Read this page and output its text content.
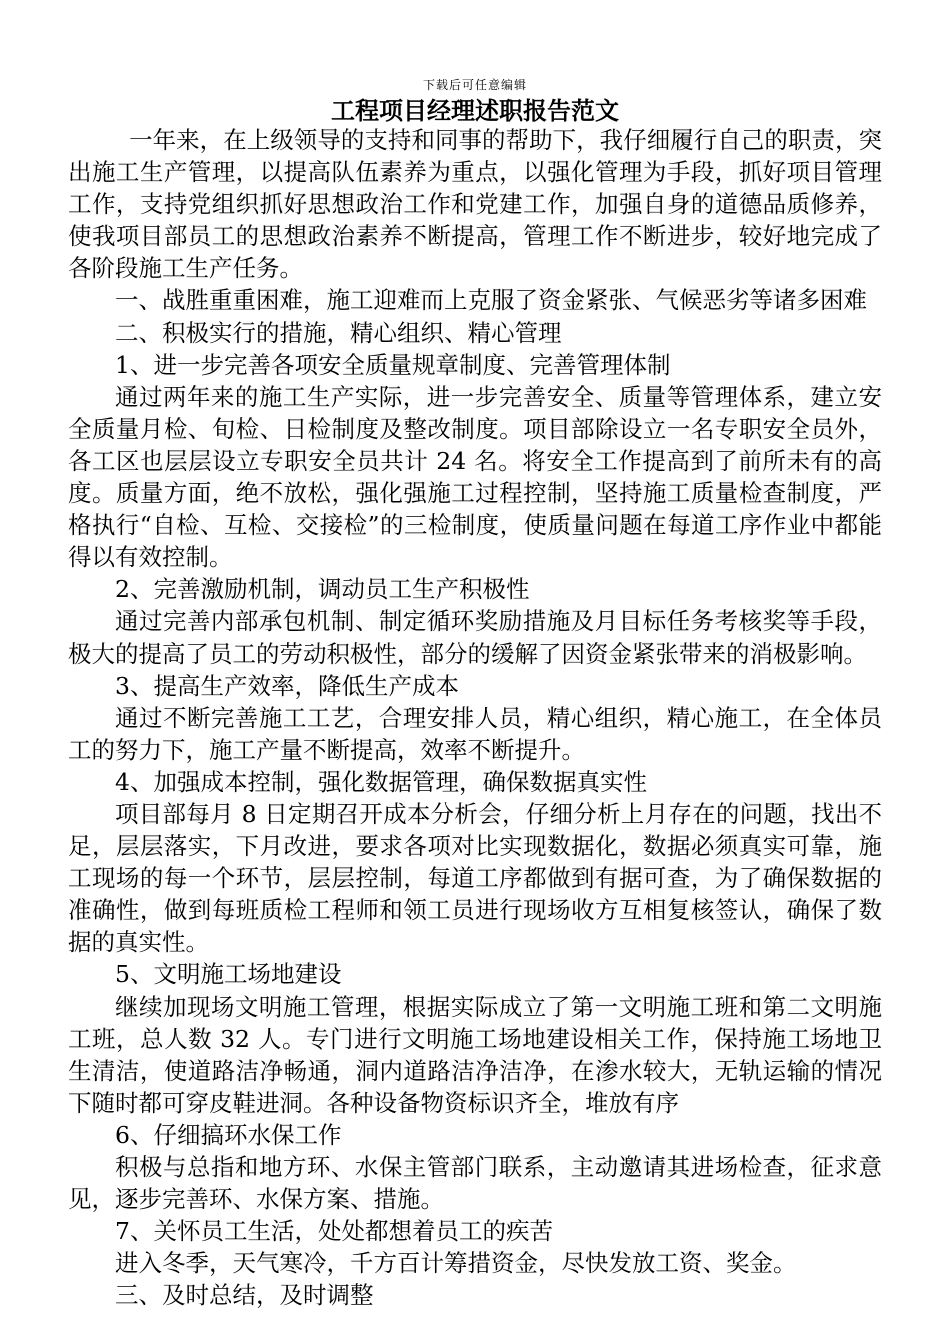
下载后可任意编辑
工程项目经理述职报告范文

一年来，在上级领导的支持和同事的帮助下，我仔细履行自己的职责，突出施工生产管理，以提高队伍素养为重点，以强化管理为手段，抓好项目管理工作，支持党组织抓好思想政治工作和党建工作，加强自身的道德品质修养，使我项目部员工的思想政治素养不断提高，管理工作不断进步，较好地完成了各阶段施工生产任务。

一、战胜重重困难，施工迎难而上克服了资金紧张、气候恶劣等诸多困难

二、积极实行的措施，精心组织、精心管理

1、进一步完善各项安全质量规章制度、完善管理体制

通过两年来的施工生产实际，进一步完善安全、质量等管理体系，建立安全质量月检、旬检、日检制度及整改制度。项目部除设立一名专职安全员外，各工区也层层设立专职安全员共计 24 名。将安全工作提高到了前所未有的高度。质量方面，绝不放松，强化强施工过程控制，坚持施工质量检查制度，严格执行“自检、互检、交接检”的三检制度，使质量问题在每道工序作业中都能得以有效控制。

2、完善激励机制，调动员工生产积极性

通过完善内部承包机制、制定循环奖励措施及月目标任务考核奖等手段，极大的提高了员工的劳动积极性，部分的缓解了因资金紧张带来的消极影响。

3、提高生产效率，降低生产成本

通过不断完善施工工艺，合理安排人员，精心组织，精心施工，在全体员工的努力下，施工产量不断提高，效率不断提升。

4、加强成本控制，强化数据管理，确保数据真实性

项目部每月 8 日定期召开成本分析会，仔细分析上月存在的问题，找出不足，层层落实，下月改进，要求各项对比实现数据化，数据必须真实可靠，施工现场的每一个环节，层层控制，每道工序都做到有据可查，为了确保数据的准确性，做到每班质检工程师和领工员进行现场收方互相复核签认，确保了数据的真实性。

5、文明施工场地建设

继续加现场文明施工管理，根据实际成立了第一文明施工班和第二文明施工班，总人数 32 人。专门进行文明施工场地建设相关工作，保持施工场地卫生清洁，使道路洁净畅通，洞内道路洁净洁净，在渗水较大，无轨运输的情况下随时都可穿皮鞋进洞。各种设备物资标识齐全，堆放有序

6、仔细搞环水保工作

积极与总指和地方环、水保主管部门联系，主动邀请其进场检查，征求意见，逐步完善环、水保方案、措施。

7、关怀员工生活，处处都想着员工的疾苦

进入冬季，天气寒冷，千方百计筹措资金，尽快发放工资、奖金。

三、及时总结，及时调整
